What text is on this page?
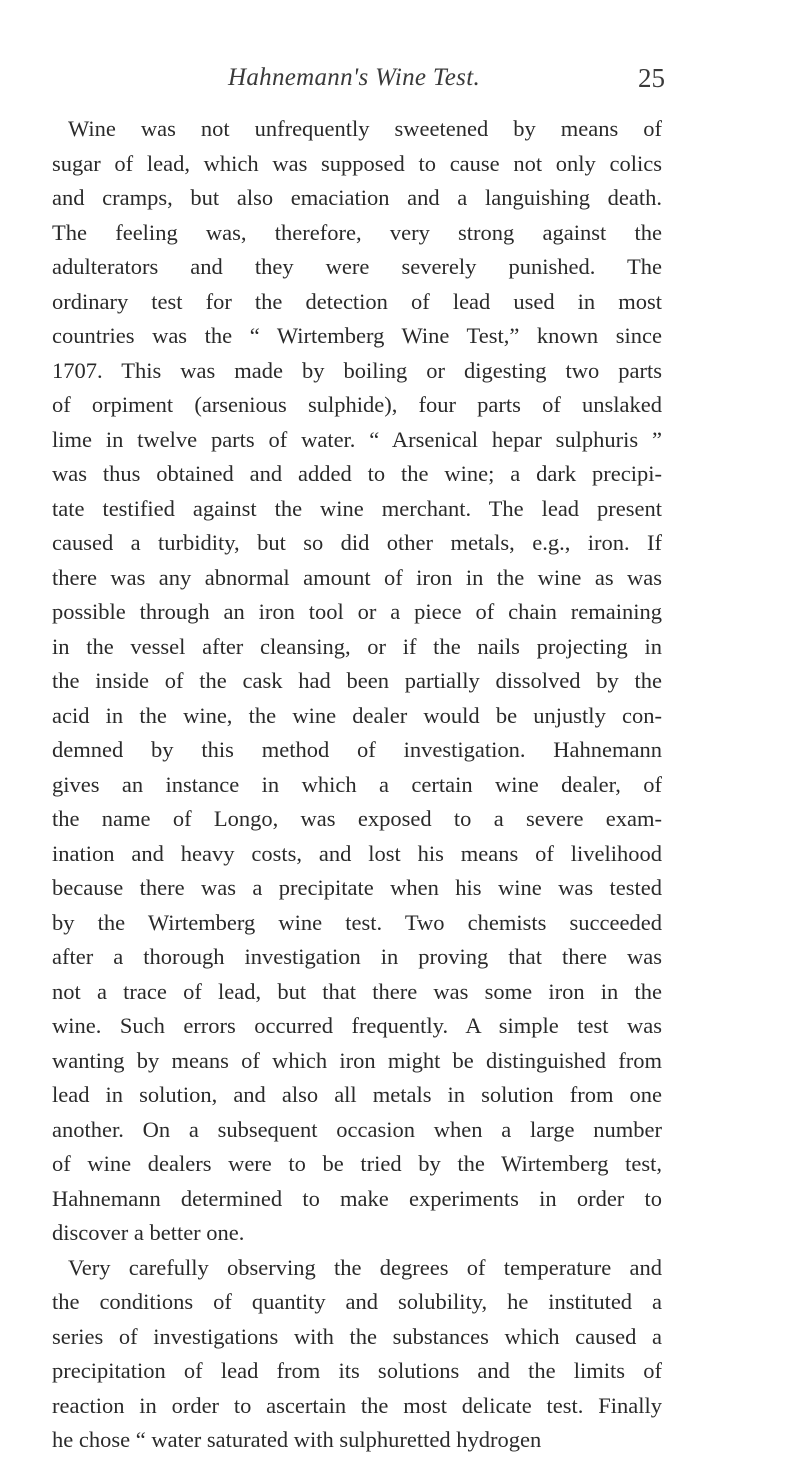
Hahnemann's Wine Test.	25
Wine was not unfrequently sweetened by means of
sugar of lead, which was supposed to cause not only colics
and cramps, but also emaciation and a languishing death.
The feeling was, therefore, very strong against the
adulterators and they were severely punished. The
ordinary test for the detection of lead used in most
countries was the “ Wirtemberg Wine Test,” known since
1707. This was made by boiling or digesting two parts
of orpiment (arsenious sulphide), four parts of unslaked
lime in twelve parts of water. “ Arsenical hepar sulphuris ”
was thus obtained and added to the wine; a dark precipi-
tate testified against the wine merchant. The lead present
caused a turbidity, but so did other metals, e.g., iron. If
there was any abnormal amount of iron in the wine as was
possible through an iron tool or a piece of chain remaining
in the vessel after cleansing, or if the nails projecting in
the inside of the cask had been partially dissolved by the
acid in the wine, the wine dealer would be unjustly con-
demned by this method of investigation. Hahnemann
gives an instance in which a certain wine dealer, of
the name of Longo, was exposed to a severe exam-
ination and heavy costs, and lost his means of livelihood
because there was a precipitate when his wine was tested
by the Wirtemberg wine test. Two chemists succeeded
after a thorough investigation in proving that there was
not a trace of lead, but that there was some iron in the
wine. Such errors occurred frequently. A simple test was
wanting by means of which iron might be distinguished from
lead in solution, and also all metals in solution from one
another. On a subsequent occasion when a large number
of wine dealers were to be tried by the Wirtemberg test,
Hahnemann determined to make experiments in order to
discover a better one.
Very carefully observing the degrees of temperature and
the conditions of quantity and solubility, he instituted a
series of investigations with the substances which caused a
precipitation of lead from its solutions and the limits of
reaction in order to ascertain the most delicate test. Finally
he chose “ water saturated with sulphuretted hydrogen
